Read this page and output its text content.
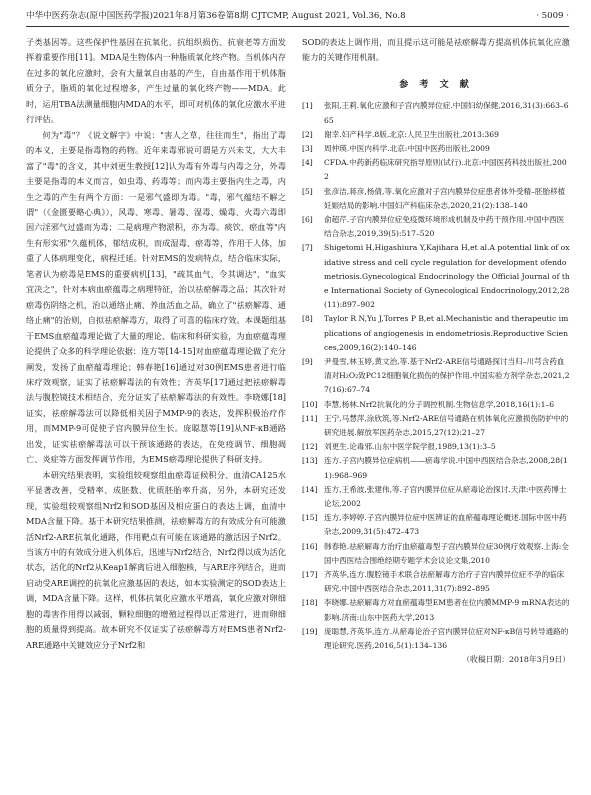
中华中医药杂志(原中国医药学报)2021年8月第36卷第8期 CJTCMP, August 2021, Vol.36, No.8	· 5009 ·

子类基因等。这些保护性基因在抗氧化、抗组织损伤、抗衰老等方面发挥着重要作用[11]。MDA是生物体内一种脂质氧化终产物。当机体内存在过多的氧化应激时，会有大量氧自由基的产生，自由基作用于机体脂质分子，脂质的氧化过程增多，产生过量的氧化终产物——MDA。此时，运用TBA法测量细胞内MDA的水平，即可对机体的氧化应激水平进行评估。

何为"毒"？《说文解字》中说："害人之草，往往而生"，指出了毒的本义，主要是指毒物的药物。近年来毒邪说可谓是方兴未艾，大大丰富了"毒"的含义，其中刘更生教授[12]认为毒有外毒与内毒之分，外毒主要是指毒的本义而言，如虫毒、药毒等；而内毒主要指内生之毒，内生之毒的产生有两个方面：一是邪气盛即为毒。"毒，邪气蕴结不解之谓"（《金匮要略心典》），风毒、寒毒、暑毒、湿毒、燥毒、火毒六毒即因六淫邪气过盛而为毒；二是病理产物淤积，亦为毒。痰饮、瘀血等"内生有形实邪"久蕴机体，郁结成积，而成湿毒、瘀毒等，作用于人体，加重了人体病理变化，病程迁延。针对EMS的发病特点，结合临床实际，笔者认为瘀毒是EMS的重要病机[13]，"疏其血气，令其调达"，"血实宜决之"，针对本病血瘀蕴毒之病理特征，治以祛瘀解毒之品；其次针对瘀毒伤阴络之机，治以通络止痛、养血活血之品，确立了"祛瘀解毒、通络止痛"的治则，自拟祛瘀解毒方，取得了可喜的临床疗效。本课题组基于EMS血瘀蕴毒理论做了大量的理论、临床和科研实验，为血瘀蕴毒理论提供了众多的科学理论依据：连方等[14-15]对血瘀蕴毒理论做了充分阐发，发扬了血瘀蕴毒理论；韩春艳[16]通过对30例EMS患者进行临床疗效观察，证实了祛瘀解毒法的有效性；齐英华[17]通过把祛瘀解毒法与腹腔镜技术相结合，充分证实了祛瘀解毒法的有效性。李晓娜[18]证实，祛瘀解毒法可以降低相关因子MMP-9的表达，发挥积极治疗作用，而MMP-9可促使子宫内膜异位生长。庞聪慧等[19]从NF-κB通路出发，证实祛瘀解毒法可以干预该通路的表达，在免疫调节、细胞凋亡、炎症等方面发挥调节作用，为EMS瘀毒理论提供了科研支持。

本研究结果表明，实验组较观察组血瘀毒证候积分、血清CA125水平显著改善，受精率、成胚数、优质胚胎率升高，另外，本研究还发现，实验组较观察组Nrf2和SOD基因及相应蛋白的表达上调，血清中MDA含量下降。基于本研究结果推测，祛瘀解毒方的有效成分有可能激活Nrf2-ARE抗氧化通路，作用靶点有可能在该通路的激活因子Nrf2。当该方中的有效成分进入机体后，迅速与Nrf2结合，Nrf2得以成为活化状态，活化的Nrf2从Keap1解离后进入细胞核，与ARE序列结合，进而启动受ARE调控的抗氧化应激基因的表达，如本实验测定的SOD表达上调，MDA含量下降。这样，机体抗氧化应激水平增高，氧化应激对卵细胞的毒害作用得以减弱，颗粒细胞的增殖过程得以正常进行，进而卵细胞的质量得到提高。故本研究不仅证实了祛瘀解毒方对EMS患者Nrf2-ARE通路中关键效应分子Nrf2和

SOD的表达上调作用，而且提示这可能是祛瘀解毒方提高机体抗氧化应激能力的关键作用机制。

参 考 文 献
[1]	张阳,王莉.氧化应激和子宫内膜异位症.中国妇幼保健,2016,31(3):663–665
[2]	谢幸.妇产科学.8版.北京:人民卫生出版社,2013:369
[3]	周仲瑛.中医内科学.北京:中国中医药出版社,2009
[4]	CFDA.中药新药临床研究指导原则(试行).北京:中国医药科技出版社,2002
[5]	张彦洁,蒋彦,杨倩,等.氧化应激对子宫内膜异位症患者体外受精–胚胎移植妊娠结局的影响.中国妇产科临床杂志,2020,21(2):138–140
[6]	俞超芹.子宫内膜异位症免疫微环境形成机制及中药干预作用.中国中西医结合杂志,2019,39(5):517–520
[7]	Shigetomi H,Higashiura Y,Kajihara H,et al.A potential link of oxidative stress and cell cycle regulation for development ofendometriosis.Gynecological Endocrinology the Official Journal of the International Society of Gynecological Endocrinology,2012,28(11):897–902
[8]	Taylor R N,Yu J,Torres P B,et al.Mechanistic and therapeutic implications of angiogenesis in endometriosis.Reproductive Sciences,2009,16(2):140–146
[9]	尹曼雪,林玉婷,黄文治,等.基于Nrf2-ARE信号通路探讨当归–川芎含药血清对H₂O₂致PC12细胞氧化损伤的保护作用.中国实验方剂学杂志,2021,27(16):67–74
[10] 李慧,杨林.Nrf2抗氧化的分子调控机制.生物信息学,2018,16(1):1–6
[11] 王宁,马慧萍,涂欣筑,等.Nrf2-ARE信号通路在机体氧化应激损伤防护中的研究进展.解放军医药杂志,2015,27(12):21–27
[12] 刘更生.论毒邪.山东中医学院学报,1989,13(1):3–5
[13] 连方.子宫内膜异位症病机——瘀毒学说.中国中西医结合杂志,2008,28(11):968–969
[14] 连方,王希波,张建伟,等.子宫内膜异位症从瘀毒论治探讨.天津:中医药博士论坛,2002
[15] 连方,李婷婷.子宫内膜异位症中医辨证的血瘀蕴毒理论概述.国际中医中药杂志,2009,31(5):472–473
[16] 韩春艳.祛瘀解毒方治疗血瘀蕴毒型子宫内膜异位症30例疗效观察.上海:全国中西医结合围绝经期专题学术会议论文集,2010
[17] 齐英华,连方.腹腔镜手术联合祛瘀解毒方治疗子宫内膜异位症不孕的临床研究.中国中西医结合杂志,2011,31(7):892–895
[18] 李晓娜.祛瘀解毒方对血瘀蕴毒型EM患者在位内膜MMP-9 mRNA表达的影响.济南:山东中医药大学,2013
[19] 庞聪慧,齐英华,连方.从瘀毒论治子宫内膜异位症对NF-κB信号转导通路的理论研究.医药,2016,5(1):134–136
（收稿日期：2018年3月9日）
